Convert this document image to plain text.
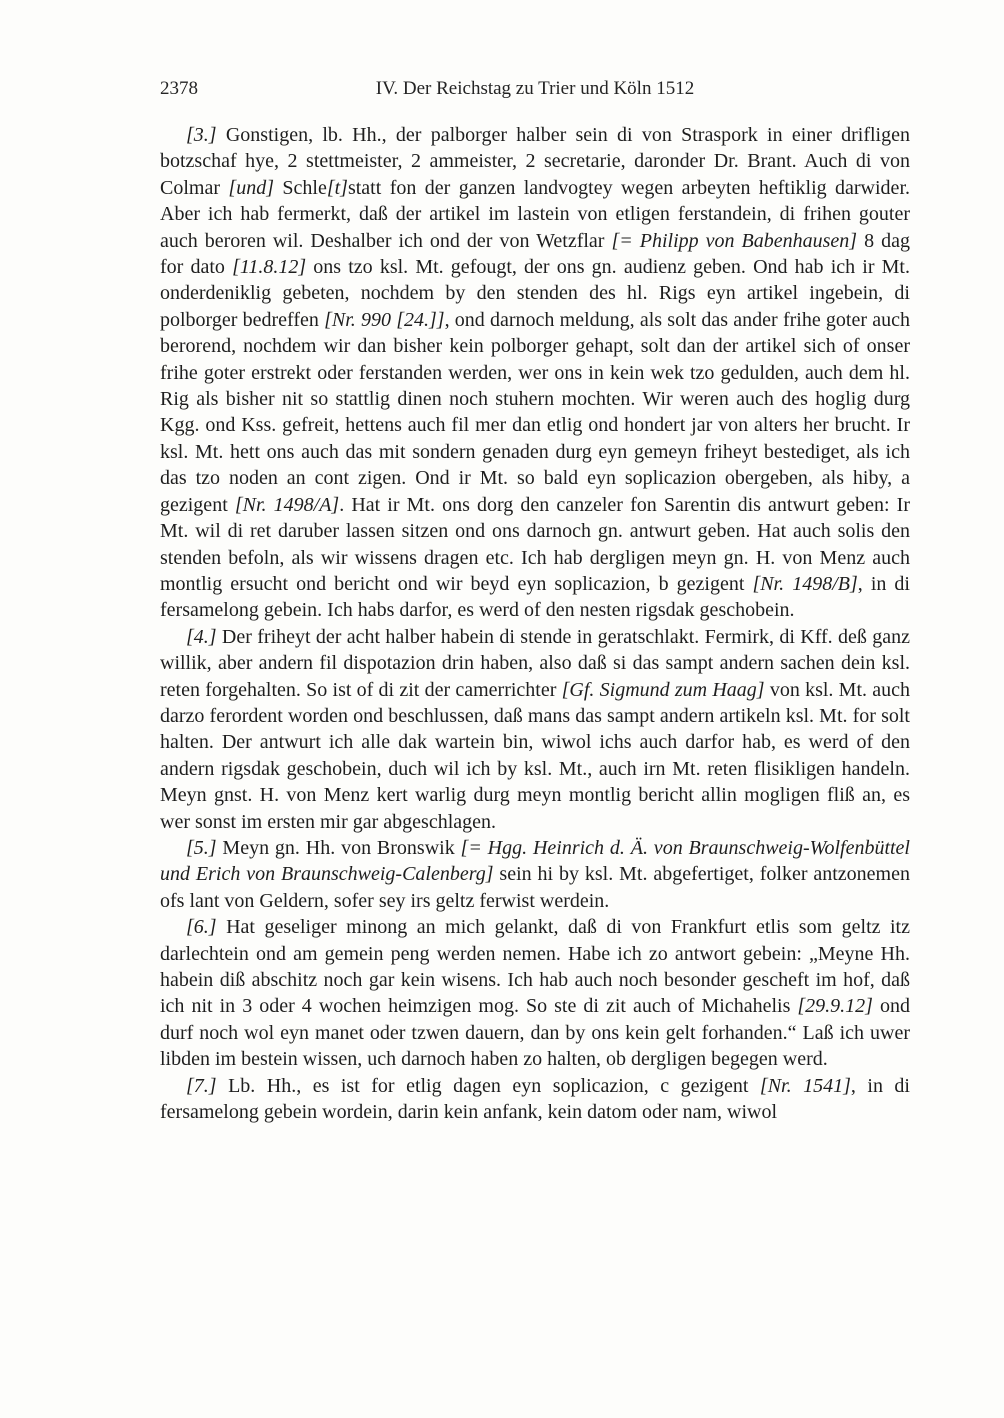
2378	IV. Der Reichstag zu Trier und Köln 1512

[3.] Gonstigen, lb. Hh., der palborger halber sein di von Straspork in einer drifligen botzschaf hye, 2 stettmeister, 2 ammeister, 2 secretarie, daronder Dr. Brant. Auch di von Colmar [und] Schle[t]statt fon der ganzen landvogtey wegen arbeyten heftiklig darwider. Aber ich hab fermerkt, daß der artikel im lastein von etligen ferstandein, di frihen gouter auch beroren wil. Deshalber ich ond der von Wetzflar [= Philipp von Babenhausen] 8 dag for dato [11.8.12] ons tzo ksl. Mt. gefougt, der ons gn. audienz geben. Ond hab ich ir Mt. onderdeniklig gebeten, nochdem by den stenden des hl. Rigs eyn artikel ingebein, di polborger bedreffen [Nr. 990 [24.]], ond darnoch meldung, als solt das ander frihe goter auch berorend, nochdem wir dan bisher kein polborger gehapt, solt dan der artikel sich of onser frihe goter erstrekt oder ferstanden werden, wer ons in kein wek tzo gedulden, auch dem hl. Rig als bisher nit so stattlig dinen noch stuhern mochten. Wir weren auch des hoglig durg Kgg. ond Kss. gefreit, hettens auch fil mer dan etlig ond hondert jar von alters her brucht. Ir ksl. Mt. hett ons auch das mit sondern genaden durg eyn gemeyn friheyt bestediget, als ich das tzo noden an cont zigen. Ond ir Mt. so bald eyn soplicazion obergeben, als hiby, a gezigent [Nr. 1498/A]. Hat ir Mt. ons dorg den canzeler fon Sarentin dis antwurt geben: Ir Mt. wil di ret daruber lassen sitzen ond ons darnoch gn. antwurt geben. Hat auch solis den stenden befoln, als wir wissens dragen etc. Ich hab dergligen meyn gn. H. von Menz auch montlig ersucht ond bericht ond wir beyd eyn soplicazion, b gezigent [Nr. 1498/B], in di fersamelong gebein. Ich habs darfor, es werd of den nesten rigsdak geschobein.

[4.] Der friheyt der acht halber habein di stende in geratschlakt. Fermirk, di Kff. deß ganz willik, aber andern fil dispotazion drin haben, also daß si das sampt andern sachen dein ksl. reten forgehalten. So ist of di zit der camerrichter [Gf. Sigmund zum Haag] von ksl. Mt. auch darzo ferordent worden ond beschlussen, daß mans das sampt andern artikeln ksl. Mt. for solt halten. Der antwurt ich alle dak wartein bin, wiwol ichs auch darfor hab, es werd of den andern rigsdak geschobein, duch wil ich by ksl. Mt., auch irn Mt. reten flisikligen handeln. Meyn gnst. H. von Menz kert warlig durg meyn montlig bericht allin mogligen fliß an, es wer sonst im ersten mir gar abgeschlagen.

[5.] Meyn gn. Hh. von Bronswik [= Hgg. Heinrich d. Ä. von Braunschweig-Wolfenbüttel und Erich von Braunschweig-Calenberg] sein hi by ksl. Mt. abgefertiget, folker antzonemen ofs lant von Geldern, sofer sey irs geltz ferwist werdein.

[6.] Hat geseliger minong an mich gelankt, daß di von Frankfurt etlis som geltz itz darlechtein ond am gemein peng werden nemen. Habe ich zo antwort gebein: „Meyne Hh. habein diß abschitz noch gar kein wisens. Ich hab auch noch besonder gescheft im hof, daß ich nit in 3 oder 4 wochen heimzigen mog. So ste di zit auch of Michahelis [29.9.12] ond durf noch wol eyn manet oder tzwen dauern, dan by ons kein gelt forhanden.“ Laß ich uwer libden im bestein wissen, uch darnoch haben zo halten, ob dergligen begegen werd.

[7.] Lb. Hh., es ist for etlig dagen eyn soplicazion, c gezigent [Nr. 1541], in di fersamelong gebein wordein, darin kein anfank, kein datom oder nam, wiwol
